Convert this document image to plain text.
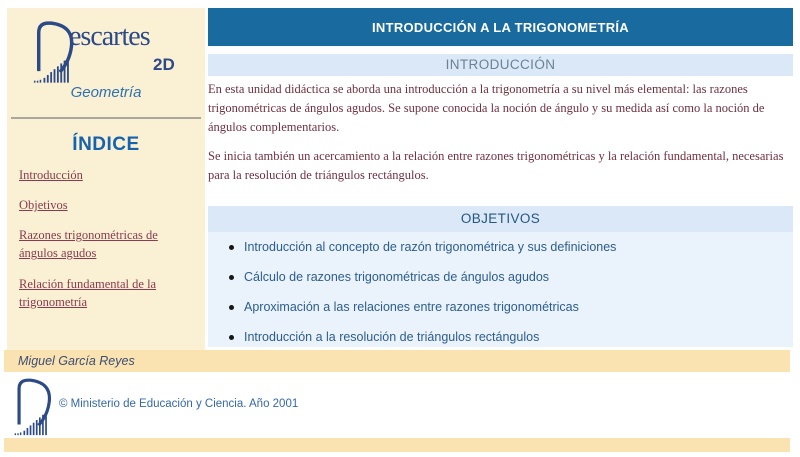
escartes
2D
Geometría
ÍNDICE
Introducción
Objetivos
Razones trigonométricas de ángulos agudos
Relación fundamental de la trigonometría
INTRODUCCIÓN A LA TRIGONOMETRÍA
INTRODUCCIÓN

En esta unidad didáctica se aborda una introducción a la trigonometría a su nivel más elemental: las razones trigonométricas de ángulos agudos. Se supone conocida la noción de ángulo y su medida así como la noción de ángulos complementarios.

Se inicia también un acercamiento a la relación entre razones trigonométricas y la relación fundamental, necesarias para la resolución de triángulos rectángulos.

OBJETIVOS
Introducción al concepto de razón trigonométrica y sus definiciones
Cálculo de razones trigonométricas de ángulos agudos
Aproximación a las relaciones entre razones trigonométricas
Introducción a la resolución de triángulos rectángulos
Miguel García Reyes
© Ministerio de Educación y Ciencia. Año 2001
